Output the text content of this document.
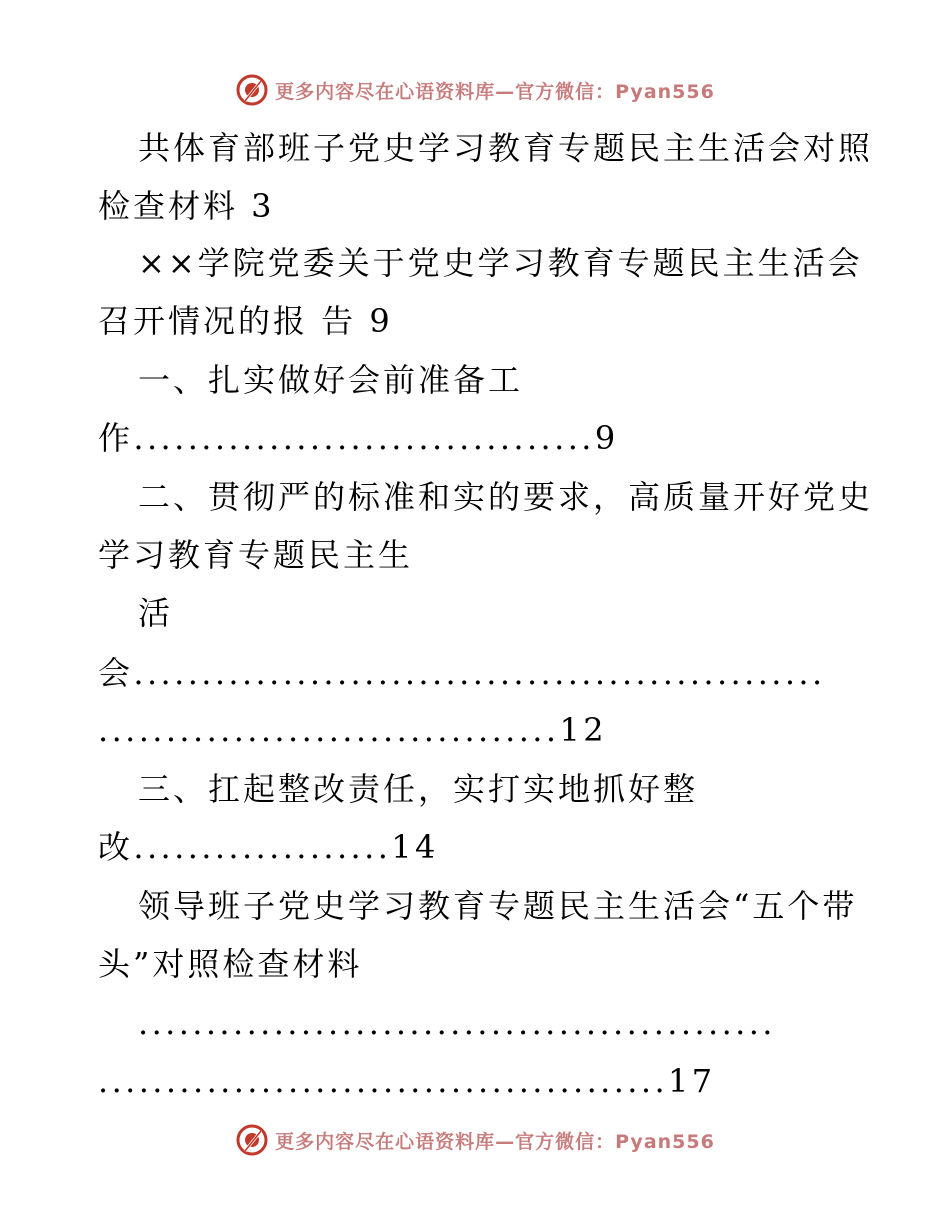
更多内容尽在心语资料库—官方微信：Pyan556
共体育部班子党史学习教育专题民主生活会对照
检查材料 3
××学院党委关于党史学习教育专题民主生活会
召开情况的报 告 9
一、扎实做好会前准备工
作..................................9
二、贯彻严的标准和实的要求，高质量开好党史
学习教育专题民主生
活
会...................................................
..................................12
三、扛起整改责任，实打实地抓好整
改...................14
领导班子党史学习教育专题民主生活会“五个带
头”对照检查材料
...............................................
..........................................17
更多内容尽在心语资料库—官方微信：Pyan556
